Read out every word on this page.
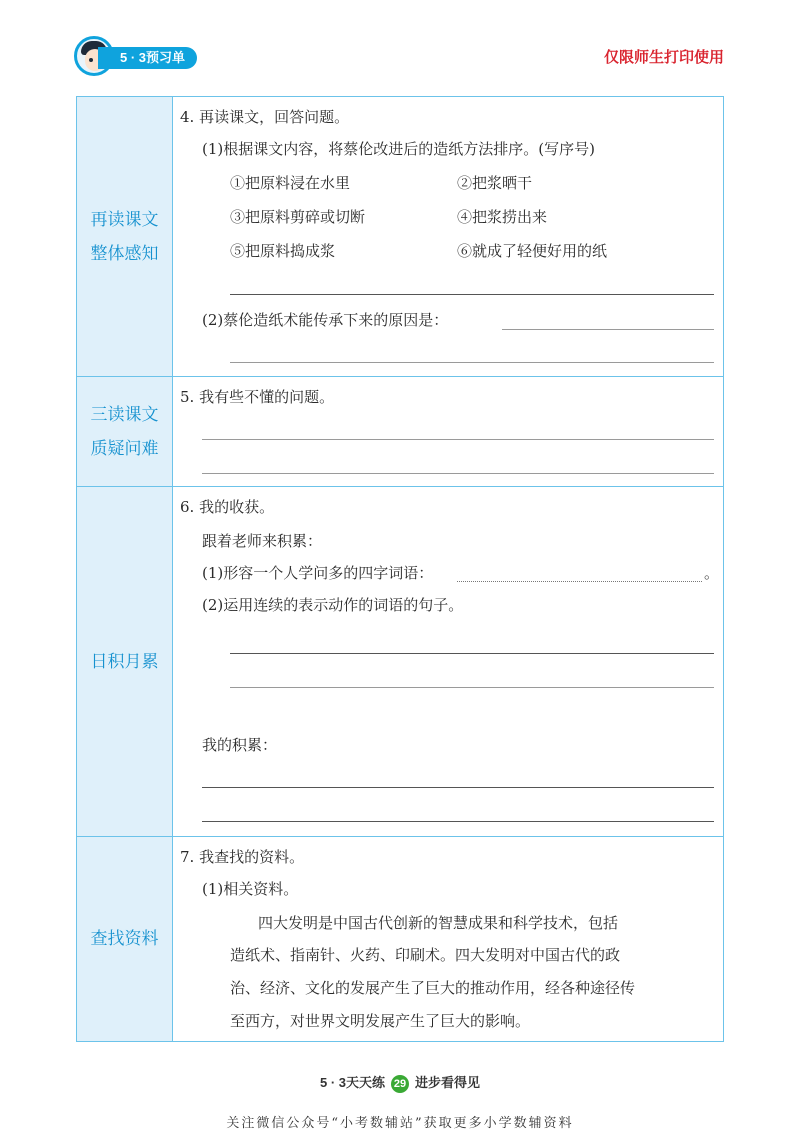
5 · 3预习单	仅限师生打印使用
再读课文
整体感知
4. 再读课文，回答问题。
(1)根据课文内容，将蔡伦改进后的造纸方法排序。(写序号)
①把原料浸在水里	②把浆晒干
③把原料剪碎或切断	④把浆捞出来
⑤把原料捣成浆	⑥就成了轻便好用的纸
(2)蔡伦造纸术能传承下来的原因是：
三读课文
质疑问难
5. 我有些不懂的问题。
日积月累
6. 我的收获。
跟着老师来积累：
(1)形容一个人学问多的四字词语：	。
(2)运用连续的表示动作的词语的句子。
我的积累：
查找资料
7. 我查找的资料。
(1)相关资料。
四大发明是中国古代创新的智慧成果和科学技术，包括
造纸术、指南针、火药、印刷术。四大发明对中国古代的政
治、经济、文化的发展产生了巨大的推动作用，经各种途径传
至西方，对世界文明发展产生了巨大的影响。
5 · 3天天练 29 进步看得见
关注微信公众号“小考数辅站”获取更多小学数辅资料
